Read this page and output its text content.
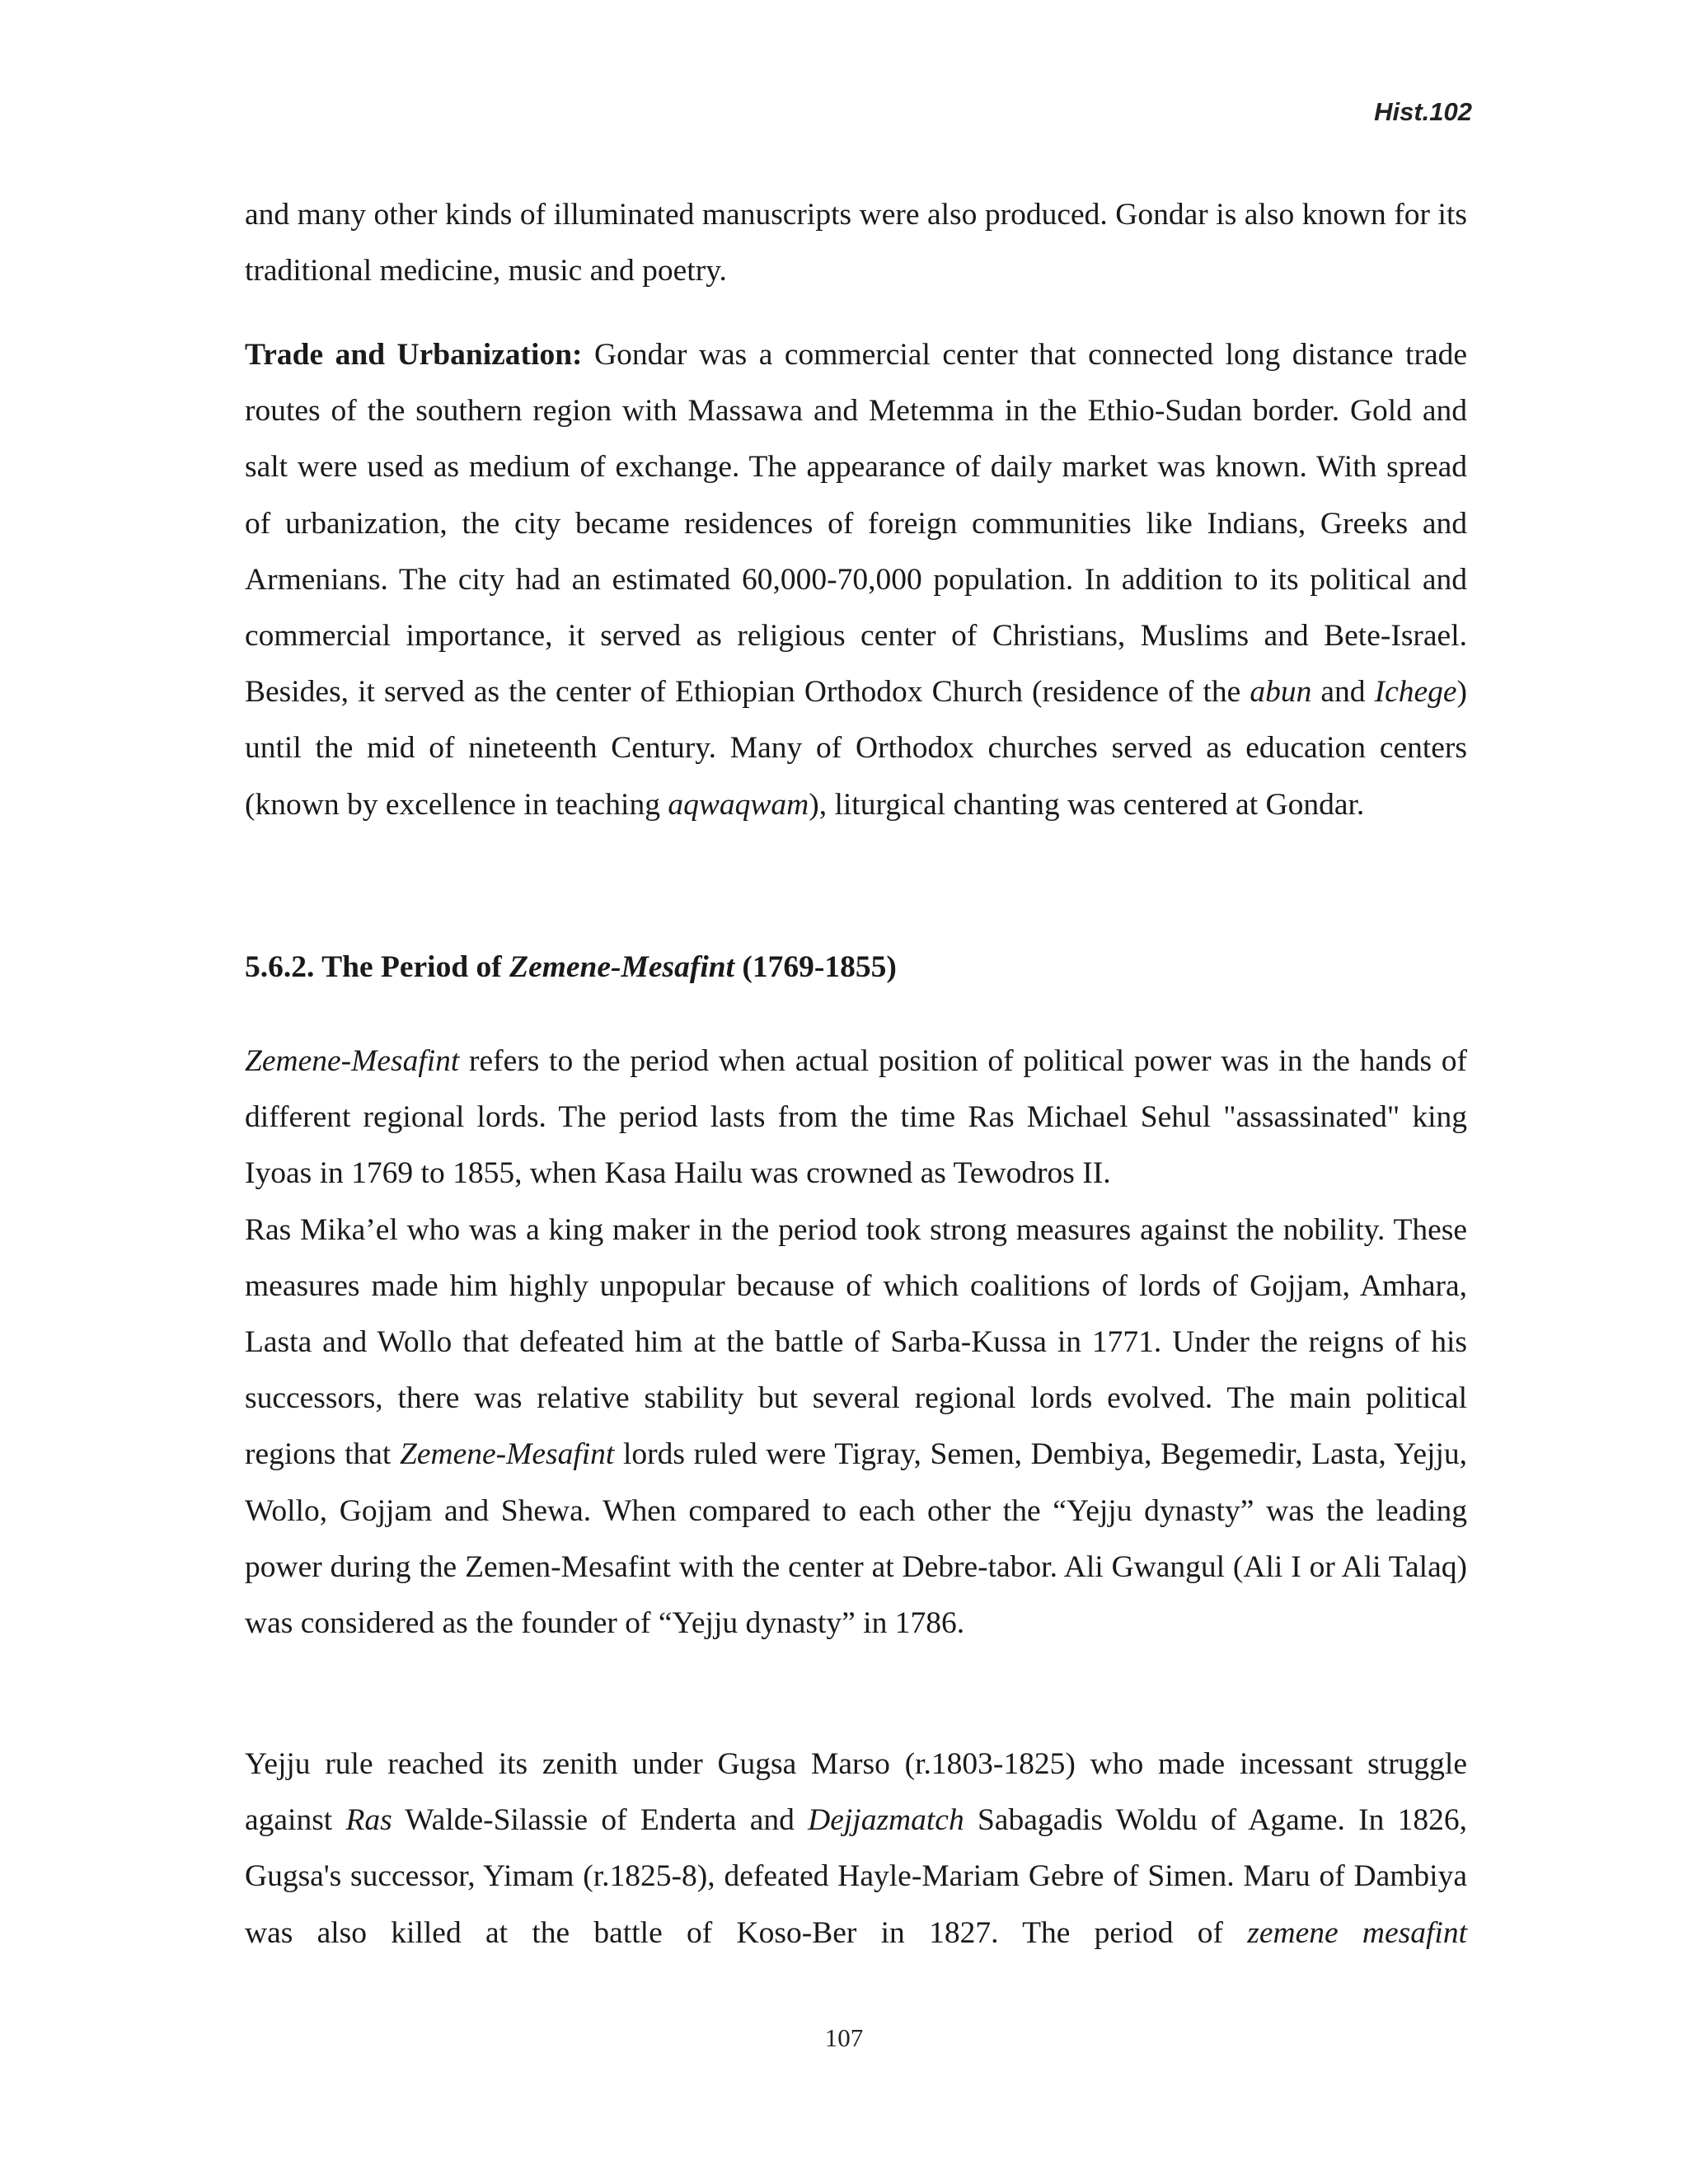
Hist.102

and many other kinds of illuminated manuscripts were also produced. Gondar is also known for its traditional medicine, music and poetry.

Trade and Urbanization: Gondar was a commercial center that connected long distance trade routes of the southern region with Massawa and Metemma in the Ethio-Sudan border. Gold and salt were used as medium of exchange. The appearance of daily market was known. With spread of urbanization, the city became residences of foreign communities like Indians, Greeks and Armenians. The city had an estimated 60,000-70,000 population. In addition to its political and commercial importance, it served as religious center of Christians, Muslims and Bete-Israel. Besides, it served as the center of Ethiopian Orthodox Church (residence of the abun and Ichege) until the mid of nineteenth Century. Many of Orthodox churches served as education centers (known by excellence in teaching aqwaqwam), liturgical chanting was centered at Gondar.

5.6.2. The Period of Zemene-Mesafint (1769-1855)

Zemene-Mesafint refers to the period when actual position of political power was in the hands of different regional lords. The period lasts from the time Ras Michael Sehul "assassinated" king Iyoas in 1769 to 1855, when Kasa Hailu was crowned as Tewodros II.

Ras Mika’el who was a king maker in the period took strong measures against the nobility. These measures made him highly unpopular because of which coalitions of lords of Gojjam, Amhara, Lasta and Wollo that defeated him at the battle of Sarba-Kussa in 1771. Under the reigns of his successors, there was relative stability but several regional lords evolved. The main political regions that Zemene-Mesafint lords ruled were Tigray, Semen, Dembiya, Begemedir, Lasta, Yejju, Wollo, Gojjam and Shewa. When compared to each other the “Yejju dynasty” was the leading power during the Zemen-Mesafint with the center at Debre-tabor. Ali Gwangul (Ali I or Ali Talaq) was considered as the founder of “Yejju dynasty” in 1786.

Yejju rule reached its zenith under Gugsa Marso (r.1803-1825) who made incessant struggle against Ras Walde-Silassie of Enderta and Dejjazmatch Sabagadis Woldu of Agame. In 1826, Gugsa's successor, Yimam (r.1825-8), defeated Hayle-Mariam Gebre of Simen. Maru of Dambiya was also killed at the battle of Koso-Ber in 1827. The period of zemene mesafint

107
